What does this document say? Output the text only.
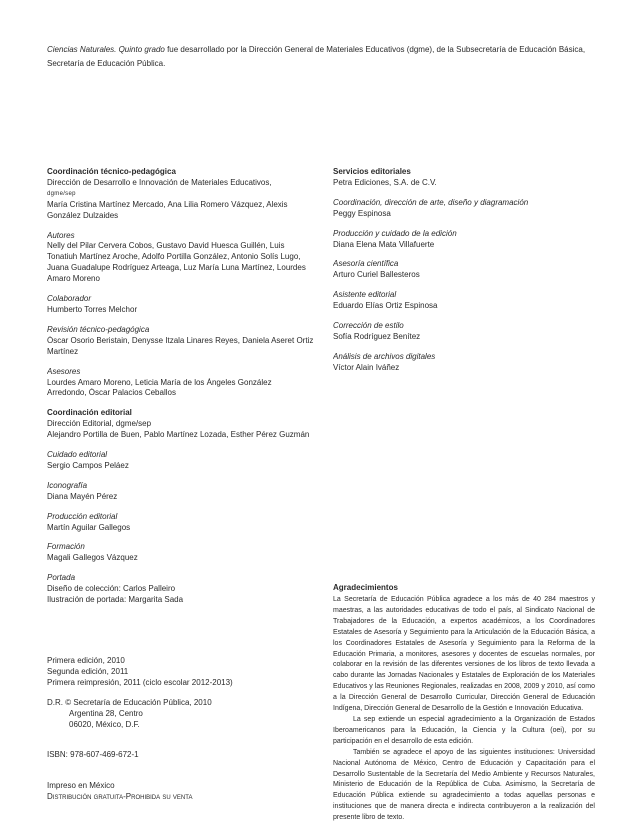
Ciencias Naturales. Quinto grado fue desarrollado por la Dirección General de Materiales Educativos (dgme), de la Subsecretaría de Educación Básica, Secretaría de Educación Pública.
Coordinación técnico-pedagógica
Dirección de Desarrollo e Innovación de Materiales Educativos,
dgme/sep
María Cristina Martínez Mercado, Ana Lilia Romero Vázquez, Alexis
González Dulzaides
Autores
Nelly del Pilar Cervera Cobos, Gustavo David Huesca Guillén, Luis
Tonatiuh Martínez Aroche, Adolfo Portilla González, Antonio Solís Lugo,
Juana Guadalupe Rodríguez Arteaga, Luz María Luna Martínez, Lourdes
Amaro Moreno
Colaborador
Humberto Torres Melchor
Revisión técnico-pedagógica
Óscar Osorio Beristain, Denysse Itzala Linares Reyes, Daniela Aseret Ortiz
Martínez
Asesores
Lourdes Amaro Moreno, Leticia María de los Ángeles González
Arredondo, Óscar Palacios Ceballos
Coordinación editorial
Dirección Editorial, dgme/sep
Alejandro Portilla de Buen, Pablo Martínez Lozada, Esther Pérez Guzmán
Cuidado editorial
Sergio Campos Peláez
Iconografía
Diana Mayén Pérez
Producción editorial
Martín Aguilar Gallegos
Formación
Magali Gallegos Vázquez
Portada
Diseño de colección: Carlos Palleiro
Ilustración de portada: Margarita Sada
Servicios editoriales
Petra Ediciones, S.A. de C.V.
Coordinación, dirección de arte, diseño y diagramación
Peggy Espinosa
Producción y cuidado de la edición
Diana Elena Mata Villafuerte
Asesoría científica
Arturo Curiel Ballesteros
Asistente editorial
Eduardo Elías Ortiz Espinosa
Corrección de estilo
Sofía Rodríguez Benítez
Análisis de archivos digitales
Víctor Alain Iváñez
Primera edición, 2010
Segunda edición, 2011
Primera reimpresión, 2011 (ciclo escolar 2012-2013)
D.R. © Secretaría de Educación Pública, 2010
Argentina 28, Centro
06020, México, D.F.
ISBN: 978-607-469-672-1
Impreso en México
Distribución gratuita-Prohibida su venta
Agradecimientos

La Secretaría de Educación Pública agradece a los más de 40 284 maestros y maestras, a las autoridades educativas de todo el país, al Sindicato Nacional de Trabajadores de la Educación, a expertos académicos, a los Coordinadores Estatales de Asesoría y Seguimiento para la Articulación de la Educación Básica, a los Coordinadores Estatales de Asesoría y Seguimiento para la Reforma de la Educación Primaria, a monitores, asesores y docentes de escuelas normales, por colaborar en la revisión de las diferentes versiones de los libros de texto llevada a cabo durante las Jornadas Nacionales y Estatales de Exploración de los Materiales Educativos y las Reuniones Regionales, realizadas en 2008, 2009 y 2010, así como a la Dirección General de Desarrollo Curricular, Dirección General de Educación Indígena, Dirección General de Desarrollo de la Gestión e Innovación Educativa.

La sep extiende un especial agradecimiento a la Organización de Estados Iberoamericanos para la Educación, la Ciencia y la Cultura (oei), por su participación en el desarrollo de esta edición.

También se agradece el apoyo de las siguientes instituciones: Universidad Nacional Autónoma de México, Centro de Educación y Capacitación para el Desarrollo Sustentable de la Secretaría del Medio Ambiente y Recursos Naturales, Ministerio de Educación de la República de Cuba. Asimismo, la Secretaría de Educación Pública extiende su agradecimiento a todas aquellas personas e instituciones que de manera directa e indirecta contribuyeron a la realización del presente libro de texto.
